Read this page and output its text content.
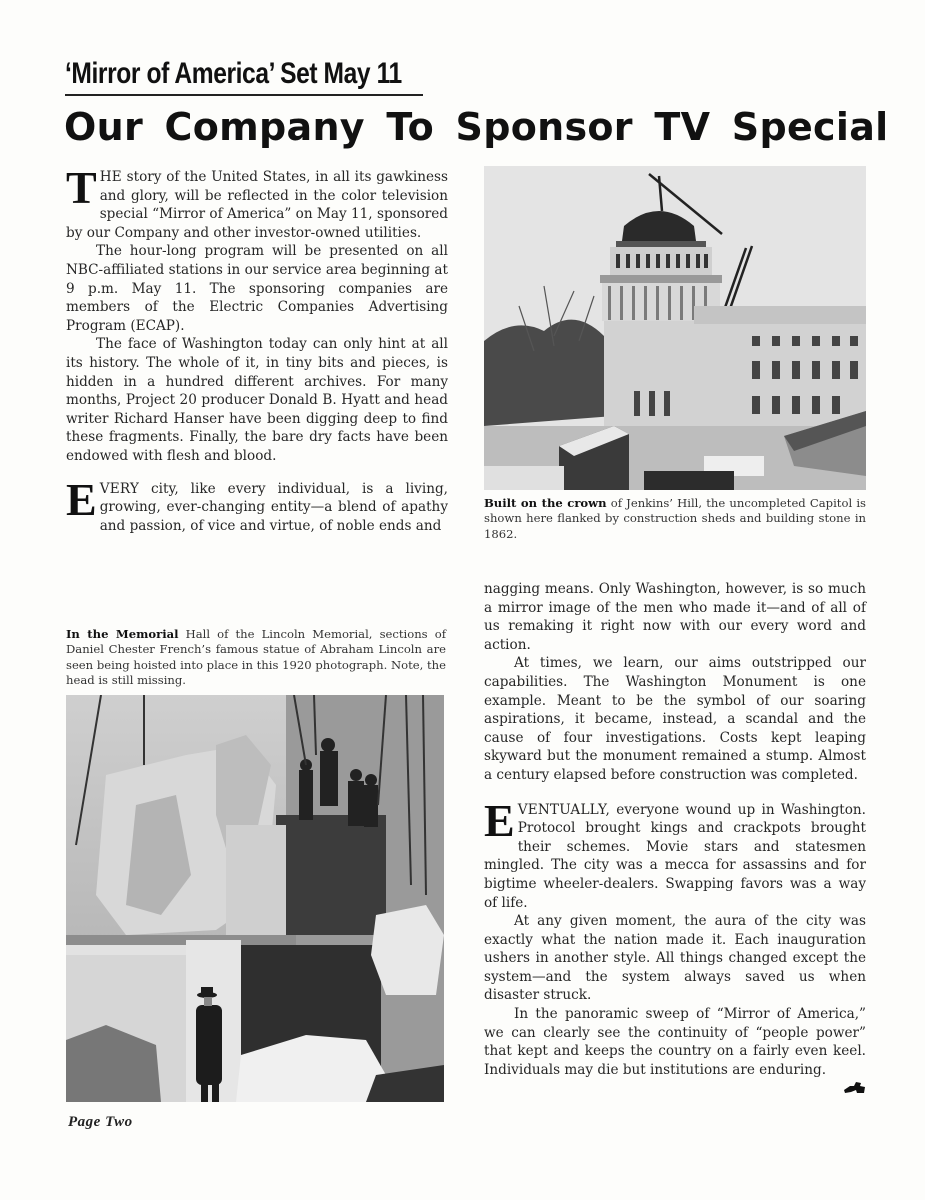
‘Mirror of America’ Set May 11
Our Company To Sponsor TV Special

THE story of the United States, in all its gawkiness and glory, will be reflected in the color television special “Mirror of America” on May 11, sponsored by our Company and other investor-owned utilities.

The hour-long program will be presented on all NBC-affiliated stations in our service area beginning at 9 p.m. May 11. The sponsoring companies are members of the Electric Companies Advertising Program (ECAP).

The face of Washington today can only hint at all its history. The whole of it, in tiny bits and pieces, is hidden in a hundred different archives. For many months, Project 20 producer Donald B. Hyatt and head writer Richard Hanser have been digging deep to find these fragments. Finally, the bare dry facts have been endowed with flesh and blood.

EVERY city, like every individual, is a living, growing, ever-changing entity—a blend of apathy and passion, of vice and virtue, of noble ends and

In the Memorial Hall of the Lincoln Memorial, sections of Daniel Chester French’s famous statue of Abraham Lincoln are seen being hoisted into place in this 1920 photograph. Note, the head is still missing.
Built on the crown of Jenkins’ Hill, the uncompleted Capitol is shown here flanked by construction sheds and building stone in 1862.

nagging means. Only Washington, however, is so much a mirror image of the men who made it—and of all of us remaking it right now with our every word and action.

At times, we learn, our aims outstripped our capabilities. The Washington Monument is one example. Meant to be the symbol of our soaring aspirations, it became, instead, a scandal and the cause of four investigations. Costs kept leaping skyward but the monument remained a stump. Almost a century elapsed before construction was completed.

EVENTUALLY, everyone wound up in Washington. Protocol brought kings and crackpots brought their schemes. Movie stars and statesmen mingled. The city was a mecca for assassins and for bigtime wheeler-dealers. Swapping favors was a way of life.

At any given moment, the aura of the city was exactly what the nation made it. Each inauguration ushers in another style. All things changed except the system—and the system always saved us when disaster struck.

In the panoramic sweep of “Mirror of America,” we can clearly see the continuity of “people power” that kept and keeps the country on a fairly even keel. Individuals may die but institutions are enduring.

Page Two
